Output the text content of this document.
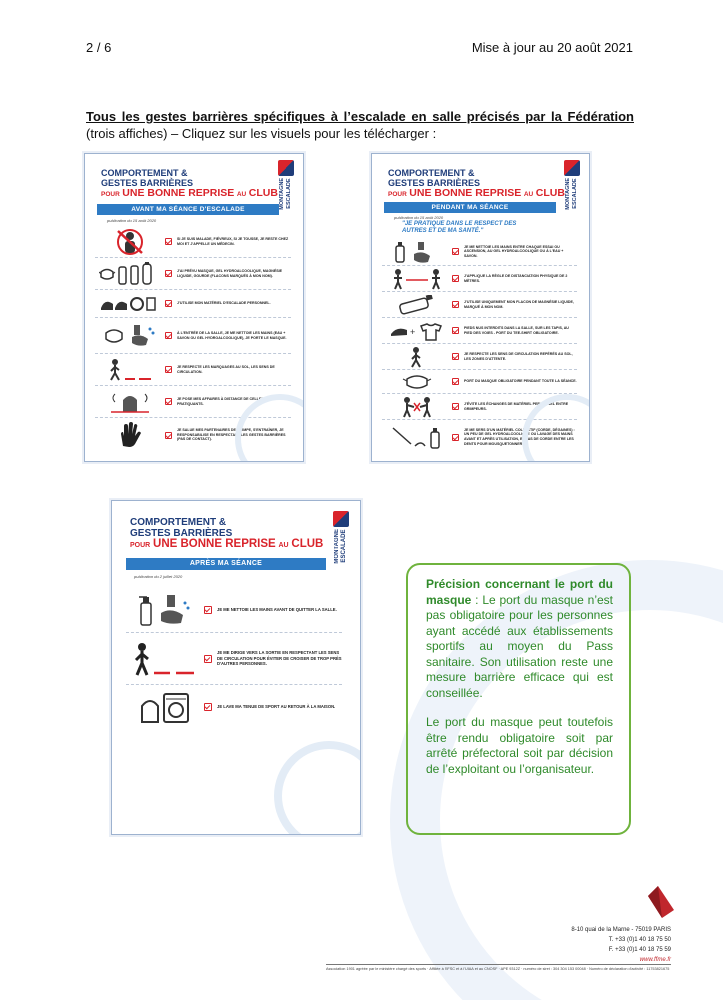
2 / 6	Mise à jour au 20 août 2021
Tous les gestes barrières spécifiques à l’escalade en salle précisés par la Fédération (trois affiches) – Cliquez sur les visuels pour les télécharger :
COMPORTEMENT &
GESTES BARRIÈRES
POUR UNE BONNE REPRISE AU CLUB MONTAGNE
ESCALADE
AVANT MA SÉANCE D'ESCALADE
publication du 15 août 2020
SI JE SUIS MALADE, FIÉVREUX, SI JE TOUSSE, JE RESTE CHEZ MOI ET J'APPELLE UN MÉDECIN.
J'AI PRÉVU MASQUE, GEL HYDROALCOOLIQUE, MAGNÉSIE LIQUIDE, GOURDE (FLACONS MARQUÉS À MON NOM).
J'UTILISE MON MATÉRIEL D'ESCALADE PERSONNEL.
À L'ENTRÉE DE LA SALLE, JE ME NETTOIE LES MAINS (EAU + SAVON OU GEL HYDROALCOOLIQUE), JE PORTE LE MASQUE.
JE RESPECTE LES MARQUAGES AU SOL, LES SENS DE CIRCULATION.
JE POSE MES AFFAIRES À DISTANCE DE CELLES DES AUTRES PRATIQUANTS.
JE SALUE MES PARTENAIRES DE GRIMPE, S'ENTRAÎNER, JE RESPONSABILISE EN RESPECTANT LES GESTES BARRIÈRES (PAS DE CONTACT).
COMPORTEMENT &
GESTES BARRIÈRES
POUR UNE BONNE REPRISE AU CLUB MONTAGNE
ESCALADE
PENDANT MA SÉANCE
publication du 15 août 2020
"JE PRATIQUE DANS LE RESPECT DES AUTRES ET DE MA SANTÉ."
JE ME NETTOIE LES MAINS ENTRE CHAQUE ESSAI OU ASCENSION, AU GEL HYDROALCOOLIQUE OU À L'EAU + SAVON.
J'APPLIQUE LA RÈGLE DE DISTANCIATION PHYSIQUE DE 2 MÈTRES.
J'UTILISE UNIQUEMENT MON FLACON DE MAGNÉSIE LIQUIDE, MARQUÉ À MON NOM.
+	PIEDS NUS INTERDITS DANS LA SALLE, SUR LES TAPIS, AU PIED DES VOIES - PORT DU TEE-SHIRT OBLIGATOIRE.
JE RESPECTE LES SENS DE CIRCULATION REPÉRÉS AU SOL, LES ZONES D'ATTENTE.
PORT DU MASQUE OBLIGATOIRE PENDANT TOUTE LA SÉANCE.
J'ÉVITE LES ÉCHANGES DE MATÉRIEL PERSONNEL ENTRE GRIMPEURS.
JE ME SERS D'UN MATÉRIEL COLLECTIF (CORDE, DÉGAINES) : UN PEU DE GEL HYDROALCOOLIQUE OU LAVAGE DES MAINS AVANT ET APRÈS UTILISATION, ET PAS DE CORDE ENTRE LES DENTS POUR MOUSQUETONNER.
COMPORTEMENT &
GESTES BARRIÈRES
POUR UNE BONNE REPRISE AU CLUB MONTAGNE
ESCALADE
APRÈS MA SÉANCE
publication du 2 juillet 2020
JE ME NETTOIE LES MAINS AVANT DE QUITTER LA SALLE.
JE ME DIRIGE VERS LA SORTIE EN RESPECTANT LES SENS DE CIRCULATION POUR ÉVITER DE CROISER DE TROP PRÈS D'AUTRES PERSONNES.
JE LAVE MA TENUE DE SPORT AU RETOUR À LA MAISON.

Précision concernant le port du masque : Le port du masque n’est pas obligatoire pour les personnes ayant accédé aux établissements sportifs au moyen du Pass sanitaire. Son utilisation reste une mesure barrière efficace qui est conseillée.

Le port du masque peut toutefois être rendu obligatoire soit par arrêté préfectoral soit par décision de l’exploitant ou l’organisateur.

8-10 quai de la Marne - 75019 PARIS
T. +33 (0)1 40 18 75 50
F. +33 (0)1 40 18 75 59
www.ffme.fr
Association 1901 agréée par le ministère chargé des sports · Affiliée à l'IFSC et à l'UIAA et au CNOSF · APE 9312Z · numéro de siret : 304 304 153 00048 · Numéro de déclaration d'activité : 11753821675
